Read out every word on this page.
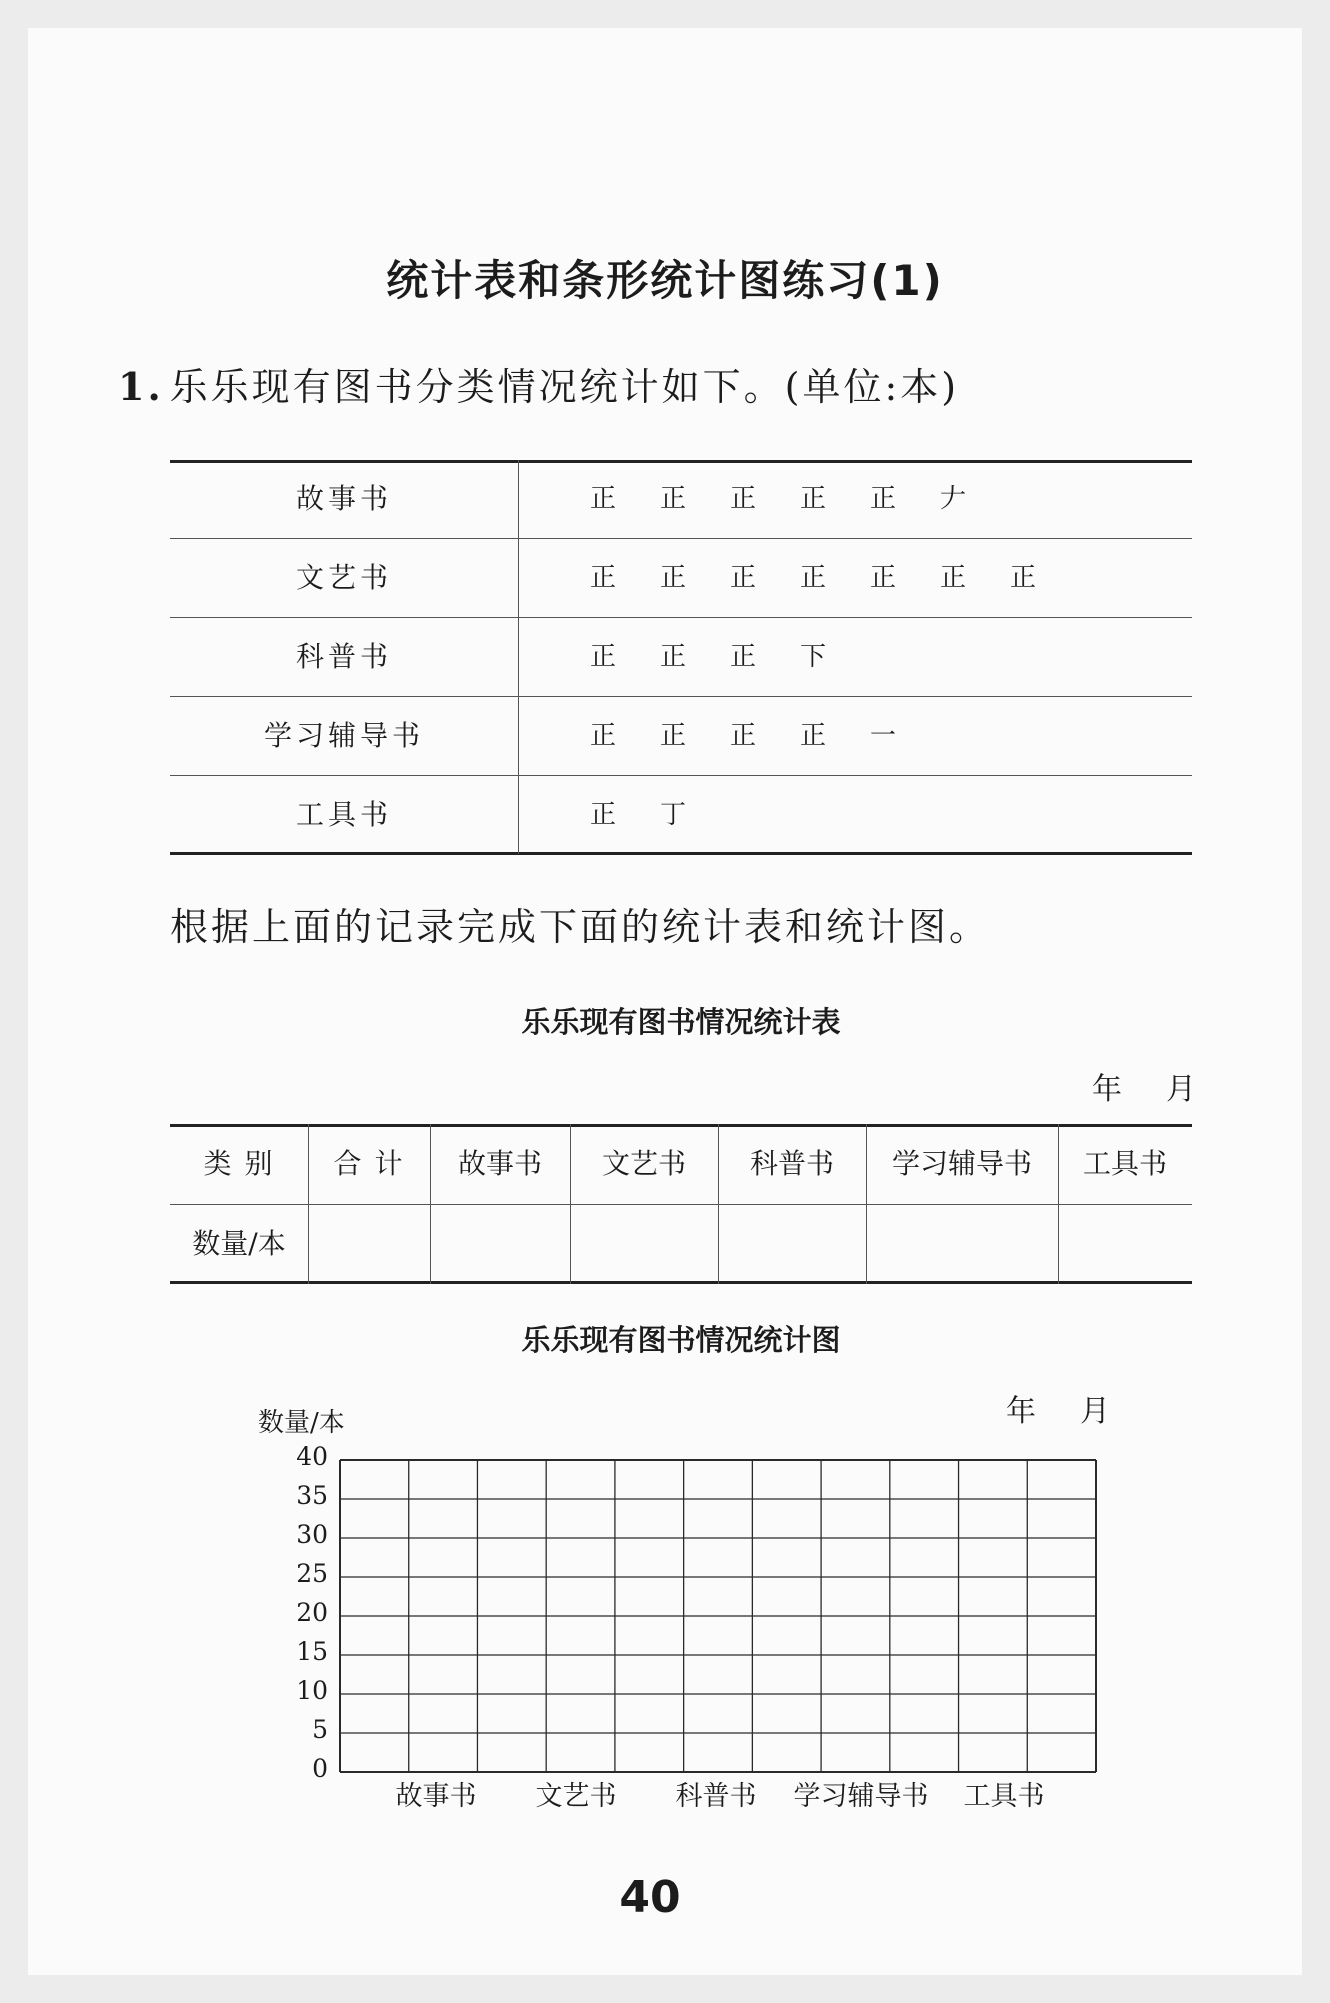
统计表和条形统计图练习(1)
1. 乐乐现有图书分类情况统计如下。(单位:本)
故事书	正 正 正 正 正 𠂇
文艺书	正 正 正 正 正 正 正
科普书	正 正 正 下
学习辅导书	正 正 正 正 一
工具书	正 丁
根据上面的记录完成下面的统计表和统计图。
乐乐现有图书情况统计表
年 月
类 别	合 计	故事书	文艺书	科普书	学习辅导书	工具书
数量/本
乐乐现有图书情况统计图
年 月
数量/本
40
35
30
25
20
15
10
5
0
故事书	文艺书	科普书	学习辅导书	工具书
40
